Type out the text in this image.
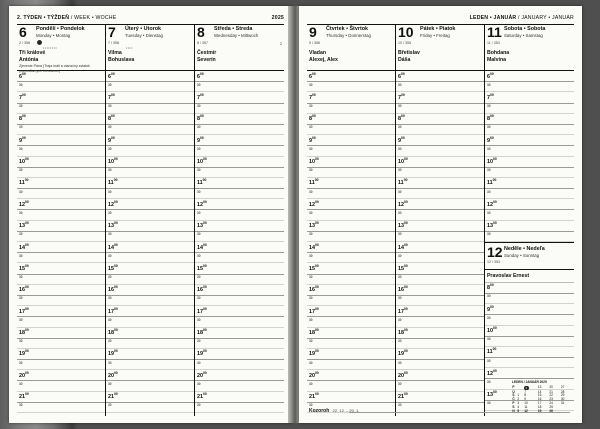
2. TÝDEN • TÝŽDEŇ / WEEK • WOCHE	2025
6 Pondělí • Pondelok
Monday • Montag
2 / 358
••••••••
Tři králové
Antónia
Zjevenie Pána (Traja králi a viansčný sviatok pravoslávnych kresťanov)
$6^{00}$
30
$7^{00}$
30
$8^{00}$
30
$9^{00}$
30
$10^{00}$
30
$11^{00}$
30
$12^{00}$
30
$13^{00}$
30
$14^{00}$
30
$15^{00}$
30
$16^{00}$
30
$17^{00}$
30
$18^{00}$
30
$19^{00}$
30
$20^{00}$
30
$21^{00}$
30
7 Úterý • Utorok
Tuesday • Dienstag
7 / 358
••••
Vilma
Bohuslava
$6^{00}$
30
$7^{00}$
30
$8^{00}$
30
$9^{00}$
30
$10^{00}$
30
$11^{00}$
30
$12^{00}$
30
$13^{00}$
30
$14^{00}$
30
$15^{00}$
30
$16^{00}$
30
$17^{00}$
30
$18^{00}$
30
$19^{00}$
30
$20^{00}$
30
$21^{00}$
30
8 Středa • Streda
Wednesday • Mittwoch
8 / 357	2
Čestmír
Severín
$6^{00}$
30
$7^{00}$
30
$8^{00}$
30
$9^{00}$
30
$10^{00}$
30
$11^{00}$
30
$12^{00}$
30
$13^{00}$
30
$14^{00}$
30
$15^{00}$
30
$16^{00}$
30
$17^{00}$
30
$18^{00}$
30
$19^{00}$
30
$20^{00}$
30
$21^{00}$
30
LEDEN • JANUÁR / JANUARY • JANUAR
9 Čtvrtek • Štvrtok
Thursday • Donnerstag
9 / 356
Vladan
Alexej, Alex
$6^{00}$
30
$7^{00}$
30
$8^{00}$
30
$9^{00}$
30
$10^{00}$
30
$11^{00}$
30
$12^{00}$
30
$13^{00}$
30
$14^{00}$
30
$15^{00}$
30
$16^{00}$
30
$17^{00}$
30
$18^{00}$
30
$19^{00}$
30
$20^{00}$
30
$21^{00}$
30
10 Pátek • Piatok
Friday • Freitag
10 / 355
Břetislav
Dáša
$6^{00}$
30
$7^{00}$
30
$8^{00}$
30
$9^{00}$
30
$10^{00}$
30
$11^{00}$
30
$12^{00}$
30
$13^{00}$
30
$14^{00}$
30
$15^{00}$
30
$16^{00}$
30
$17^{00}$
30
$18^{00}$
30
$19^{00}$
30
$20^{00}$
30
$21^{00}$
30
11 Sobota • Sobota
Saturday • Samstag
11 / 354
Bohdana
Malvína
$6^{00}$
30
$7^{00}$
30
$8^{00}$
30
$9^{00}$
30
$10^{00}$
30
$11^{00}$
30
$12^{00}$
30
$13^{00}$
30
12 Neděle • Nedeľa
Sunday • Sonntag
12 / 353
Pravoslav Ernest
$8^{00}$
30
$9^{00}$
30
$10^{00}$
30
$11^{00}$
30
$12^{00}$
30
$13^{00}$
30
Kozoroh 22. 12. – 20. 1.
LEDEN / JANUÁR 2025
P		6	13	20	27
Ú		7	14	21	28
S	1	8	15	22	29
Č	2	9	16	23	30
P	3	10	17	24	31
S	4	11	18	25	
N	5	12	19	26	
